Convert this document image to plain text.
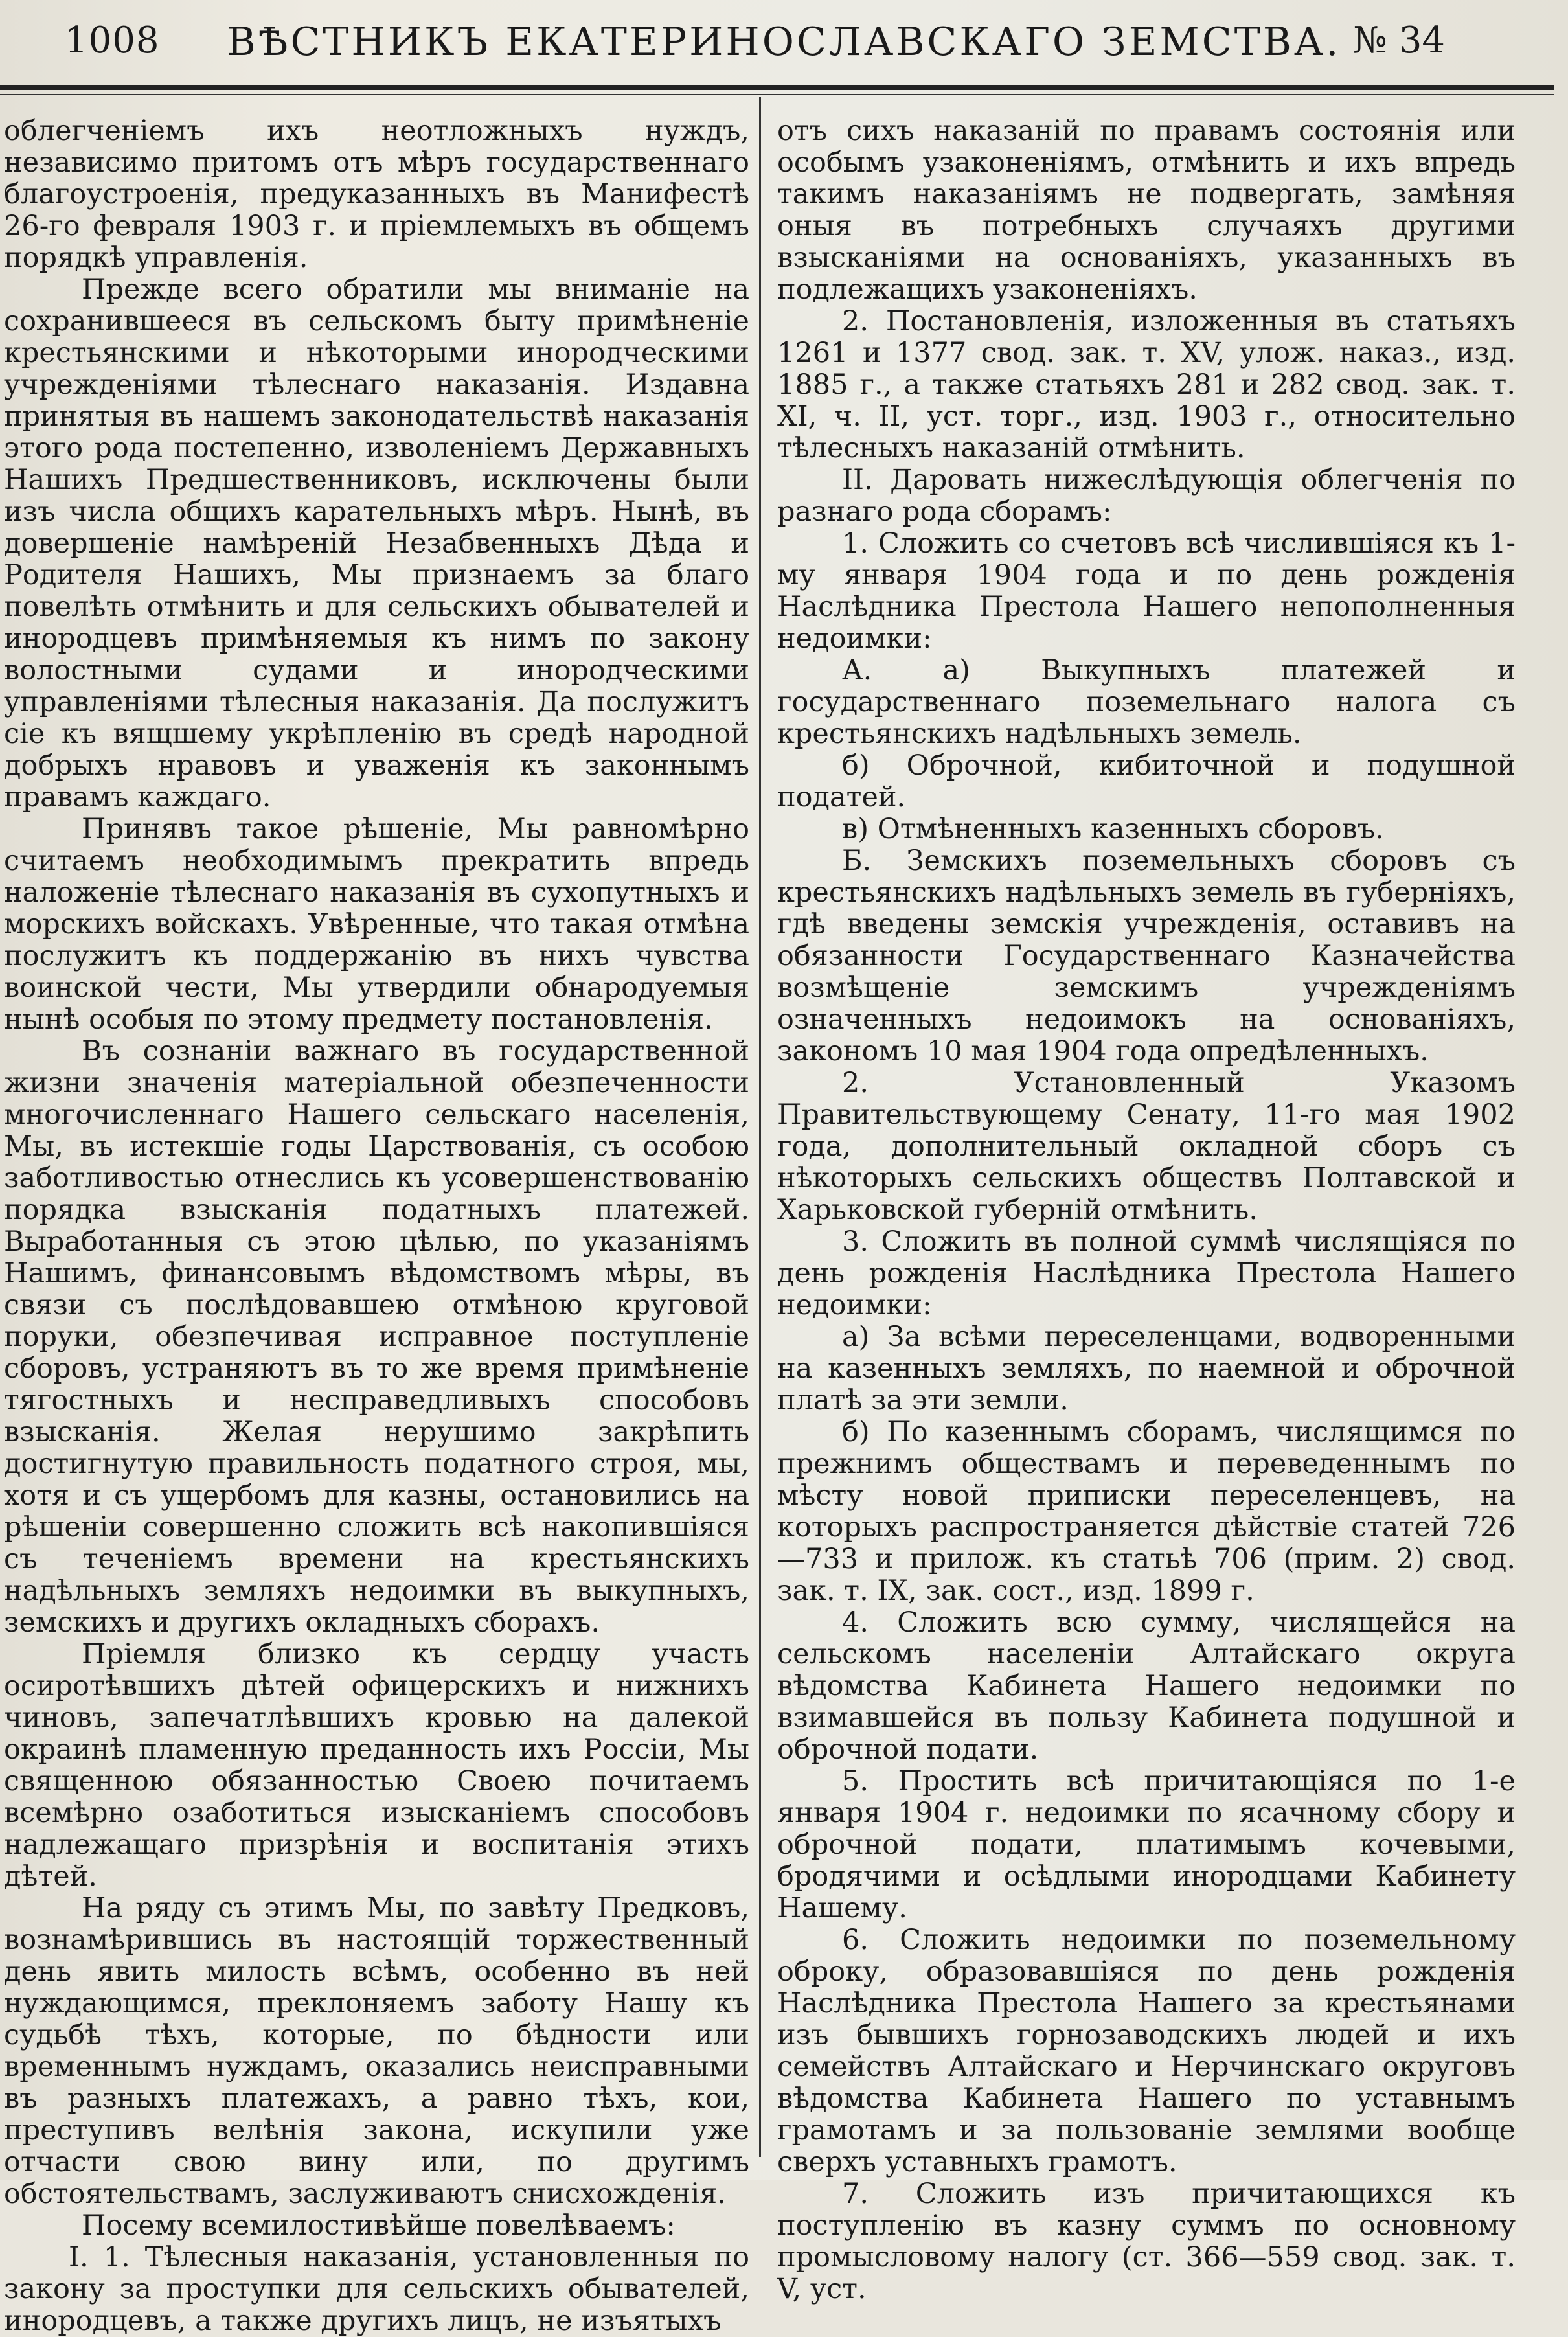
1008	ВѢСТНИКЪ ЕКАТЕРИНОСЛАВСКАГО ЗЕМСТВА. № 34

облегченіемъ ихъ неотложныхъ нуждъ, независимо притомъ отъ мѣръ государственнаго благоустроенія, предуказанныхъ въ Манифестѣ 26-го февраля 1903 г. и пріемлемыхъ въ общемъ порядкѣ управленія.

Прежде всего обратили мы вниманіе на сохранившееся въ сельскомъ быту примѣненіе крестьянскими и нѣкоторыми инородческими учрежденіями тѣлеснаго наказанія. Издавна принятыя въ нашемъ законодательствѣ наказанія этого рода постепенно, изволеніемъ Державныхъ Нашихъ Предшественниковъ, исключены были изъ числа общихъ карательныхъ мѣръ. Нынѣ, въ довершеніе намѣреній Незабвенныхъ Дѣда и Родителя Нашихъ, Мы признаемъ за благо повелѣть отмѣнить и для сельскихъ обывателей и инородцевъ примѣняемыя къ нимъ по закону волостными судами и инородческими управленіями тѣлесныя наказанія. Да послужитъ сіе къ вящшему укрѣпленію въ средѣ народной добрыхъ нравовъ и уваженія къ законнымъ правамъ каждаго.

Принявъ такое рѣшеніе, Мы равномѣрно считаемъ необходимымъ прекратить впредь наложеніе тѣлеснаго наказанія въ сухопутныхъ и морскихъ войскахъ. Увѣренные, что такая отмѣна послужитъ къ поддержанію въ нихъ чувства воинской чести, Мы утвердили обнародуемыя нынѣ особыя по этому предмету постановленія.

Въ сознаніи важнаго въ государственной жизни значенія матеріальной обезпеченности многочисленнаго Нашего сельскаго населенія, Мы, въ истекшіе годы Царствованія, съ особою заботливостью отнеслись къ усовершенствованію порядка взысканія податныхъ платежей. Выработанныя съ этою цѣлью, по указаніямъ Нашимъ, финансовымъ вѣдомствомъ мѣры, въ связи съ послѣдовавшею отмѣною круговой поруки, обезпечивая исправное поступленіе сборовъ, устраняютъ въ то же время примѣненіе тягостныхъ и несправедливыхъ способовъ взысканія. Желая нерушимо закрѣпить достигнутую правильность податного строя, мы, хотя и съ ущербомъ для казны, остановились на рѣшеніи совершенно сложить всѣ накопившіяся съ теченіемъ времени на крестьянскихъ надѣльныхъ земляхъ недоимки въ выкупныхъ, земскихъ и другихъ окладныхъ сборахъ.

Пріемля близко къ сердцу участь осиротѣвшихъ дѣтей офицерскихъ и нижнихъ чиновъ, запечатлѣвшихъ кровью на далекой окраинѣ пламенную преданность ихъ Россіи, Мы священною обязанностью Своею почитаемъ всемѣрно озаботиться изысканіемъ способовъ надлежащаго призрѣнія и воспитанія этихъ дѣтей.

На ряду съ этимъ Мы, по завѣту Предковъ, вознамѣрившись въ настоящій торжественный день явить милость всѣмъ, особенно въ ней нуждающимся, преклоняемъ заботу Нашу къ судьбѣ тѣхъ, которые, по бѣдности или временнымъ нуждамъ, оказались неисправными въ разныхъ платежахъ, а равно тѣхъ, кои, преступивъ велѣнія закона, искупили уже отчасти свою вину или, по другимъ обстоятельствамъ, заслуживаютъ снисхожденія.

Посему всемилостивѣйше повелѣваемъ:

I. 1. Тѣлесныя наказанія, установленныя по закону за проступки для сельскихъ обывателей, инородцевъ, а также другихъ лицъ, не изъятыхъ

отъ сихъ наказаній по правамъ состоянія или особымъ узаконеніямъ, отмѣнить и ихъ впредь такимъ наказаніямъ не подвергать, замѣняя оныя въ потребныхъ случаяхъ другими взысканіями на основаніяхъ, указанныхъ въ подлежащихъ узаконеніяхъ.

2. Постановленія, изложенныя въ статьяхъ 1261 и 1377 свод. зак. т. XV, улож. наказ., изд. 1885 г., а также статьяхъ 281 и 282 свод. зак. т. XI, ч. II, уст. торг., изд. 1903 г., относительно тѣлесныхъ наказаній отмѣнить.

II. Даровать нижеслѣдующія облегченія по разнаго рода сборамъ:

1. Сложить со счетовъ всѣ числившіяся къ 1-му января 1904 года и по день рожденія Наслѣдника Престола Нашего непополненныя недоимки:

А. а) Выкупныхъ платежей и государственнаго поземельнаго налога съ крестьянскихъ надѣльныхъ земель.

б) Оброчной, кибиточной и подушной податей.

в) Отмѣненныхъ казенныхъ сборовъ.

Б. Земскихъ поземельныхъ сборовъ съ крестьянскихъ надѣльныхъ земель въ губерніяхъ, гдѣ введены земскія учрежденія, оставивъ на обязанности Государственнаго Казначейства возмѣщеніе земскимъ учрежденіямъ означенныхъ недоимокъ на основаніяхъ, закономъ 10 мая 1904 года опредѣленныхъ.

2. Установленный Указомъ Правительствующему Сенату, 11-го мая 1902 года, дополнительный окладной сборъ съ нѣкоторыхъ сельскихъ обществъ Полтавской и Харьковской губерній отмѣнить.

3. Сложить въ полной суммѣ числящіяся по день рожденія Наслѣдника Престола Нашего недоимки:

а) За всѣми переселенцами, водворенными на казенныхъ земляхъ, по наемной и оброчной платѣ за эти земли.

б) По казеннымъ сборамъ, числящимся по прежнимъ обществамъ и переведеннымъ по мѣсту новой приписки переселенцевъ, на которыхъ распространяется дѣйствіе статей 726—733 и прилож. къ статьѣ 706 (прим. 2) свод. зак. т. IX, зак. сост., изд. 1899 г.

4. Сложить всю сумму, числящейся на сельскомъ населеніи Алтайскаго округа вѣдомства Кабинета Нашего недоимки по взимавшейся въ пользу Кабинета подушной и оброчной подати.

5. Простить всѣ причитающіяся по 1-е января 1904 г. недоимки по ясачному сбору и оброчной подати, платимымъ кочевыми, бродячими и осѣдлыми инородцами Кабинету Нашему.

6. Сложить недоимки по поземельному оброку, образовавшіяся по день рожденія Наслѣдника Престола Нашего за крестьянами изъ бывшихъ горнозаводскихъ людей и ихъ семействъ Алтайскаго и Нерчинскаго округовъ вѣдомства Кабинета Нашего по уставнымъ грамотамъ и за пользованіе землями вообще сверхъ уставныхъ грамотъ.

7. Сложить изъ причитающихся къ поступленію въ казну суммъ по основному промысловому налогу (ст. 366—559 свод. зак. т. V, уст.
